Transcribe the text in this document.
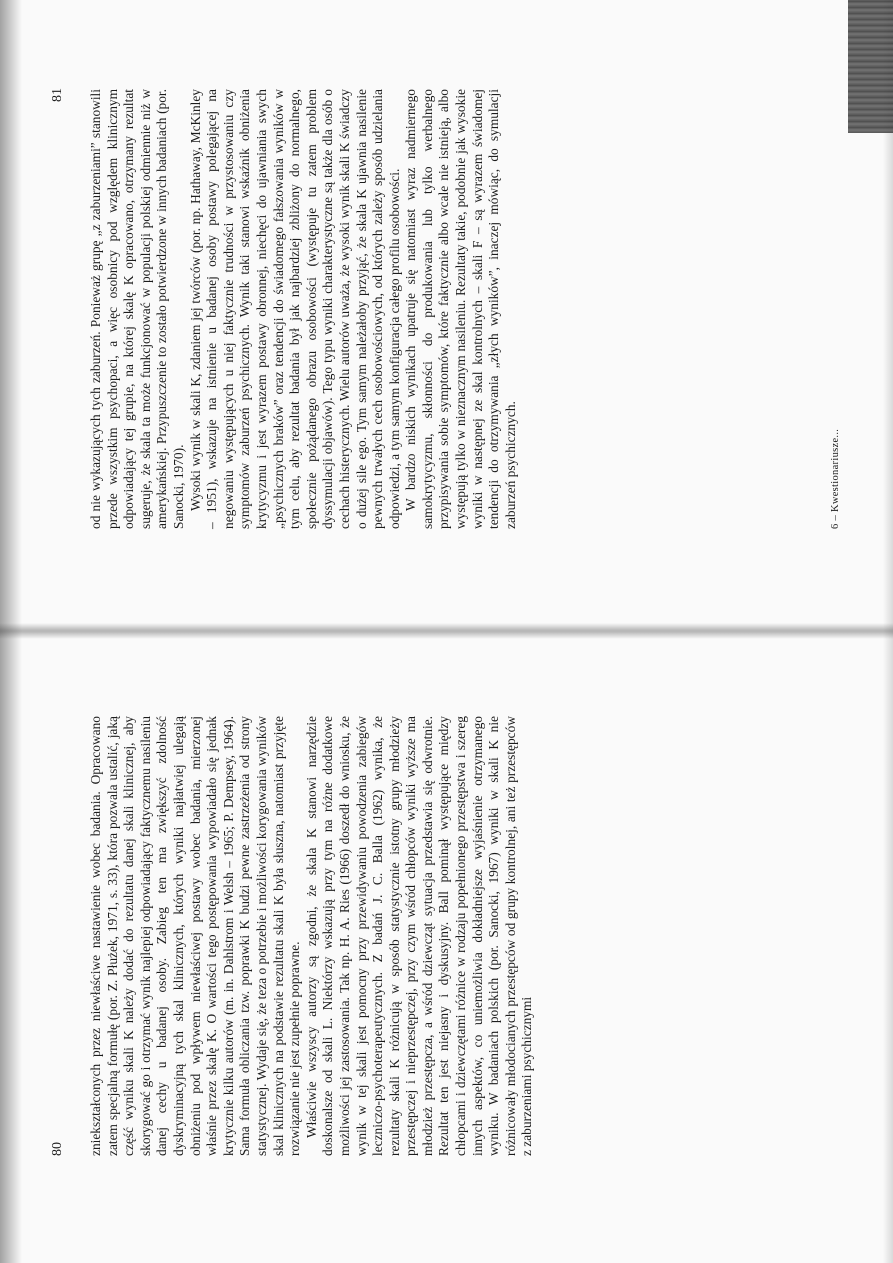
80 zniekształconych przez niewłaściwe nastawienie wobec badania. Opracowano zatem specjalną formułę (por. Z. Płużek, 1971, s. 33), która pozwala ustalić, jaką część wyniku skali K należy dodać do rezultatu danej skali klinicznej, aby skorygować go i otrzymać wynik najlepiej odpowiadający faktycznemu nasileniu danej cechy u badanej osoby. Zabieg ten ma zwiększyć zdolność dyskryminacyjną tych skal klinicznych, których wyniki najłatwiej ulegają obniżeniu pod wpływem niewłaściwej postawy wobec badania, mierzonej właśnie przez skalę K. O wartości tego postępowania wypowiadało się jednak krytycznie kilku autorów (m. in. Dahlstrom i Welsh – 1965; P. Dempsey, 1964). Sama formuła obliczania tzw. poprawki K budzi pewne zastrzeżenia od strony statystycznej. Wydaje się, że teza o potrzebie i możliwości korygowania wyników skal klinicznych na podstawie rezultatu skali K była słuszna, natomiast przyjęte rozwiązanie nie jest zupełnie poprawne. Właściwie wszyscy autorzy są zgodni, że skala K stanowi narzędzie doskonalsze od skali L. Niektórzy wskazują przy tym na różne dodatkowe możliwości jej zastosowania. Tak np. H. A. Ries (1966) doszedł do wniosku, że wynik w tej skali jest pomocny przy przewidywaniu powodzenia zabiegów leczniczo-psychoterapeutycznych. Z badań J. C. Balla (1962) wynika, że rezultaty skali K różnicują w sposób statystycznie istotny grupy młodzieży przestępczej i nieprzestępczej, przy czym wśród chłopców wyniki wyższe ma młodzież przestępcza, a wśród dziewcząt sytuacja przedstawia się odwrotnie. Rezultat ten jest niejasny i dyskusyjny. Ball pominął występujące między chłopcami i dziewczętami różnice w rodzaju popełnionego przestępstwa i szereg innych aspektów, co uniemożliwia dokładniejsze wyjaśnienie otrzymanego wyniku. W badaniach polskich (por. Sanocki, 1967) wyniki w skali K nie różnicowały młodocianych przestępców od grupy kontrolnej, ani też przestępców z zaburzeniami psychicznymi

81 od nie wykazujących tych zaburzeń. Ponieważ grupę „z zaburzeniami” stanowili przede wszystkim psychopaci, a więc osobnicy pod względem klinicznym odpowiadający tej grupie, na której skalę K opracowano, otrzymany rezultat sugeruje, że skala ta może funkcjonować w populacji polskiej odmiennie niż w amerykańskiej. Przypuszczenie to zostało potwierdzone w innych badaniach (por. Sanocki, 1970). Wysoki wynik w skali K, zdaniem jej twórców (por. np. Hathaway, McKinley – 1951), wskazuje na istnienie u badanej osoby postawy polegającej na negowaniu występujących u niej faktycznie trudności w przystosowaniu czy symptomów zaburzeń psychicznych. Wynik taki stanowi wskaźnik obniżenia krytycyzmu i jest wyrazem postawy obronnej, niechęci do ujawniania swych „psychicznych braków” oraz tendencji do świadomego fałszowania wyników w tym celu, aby rezultat badania był jak najbardziej zbliżony do normalnego, społecznie pożądanego obrazu osobowości (występuje tu zatem problem dyssymulacji objawów). Tego typu wyniki charakterystyczne są także dla osób o cechach histerycznych. Wielu autorów uważa, że wysoki wynik skali K świadczy o dużej sile ego. Tym samym należałoby przyjąć, że skala K ujawnia nasilenie pewnych trwałych cech osobowościowych, od których zależy sposób udzielania odpowiedzi, a tym samym konfiguracja całego profilu osobowości. W bardzo niskich wynikach upatruje się natomiast wyraz nadmiernego samokrytycyzmu, skłonności do produkowania lub tylko werbalnego przypisywania sobie symptomów, które faktycznie albo wcale nie istnieją, albo występują tylko w nieznacznym nasileniu. Rezultaty takie, podobnie jak wysokie wyniki w następnej ze skal kontrolnych – skali F – są wyrazem świadomej tendencji do otrzymywania „złych wyników”, inaczej mówiąc, do symulacji zaburzeń psychicznych.	6 – Kwestionariusze...
